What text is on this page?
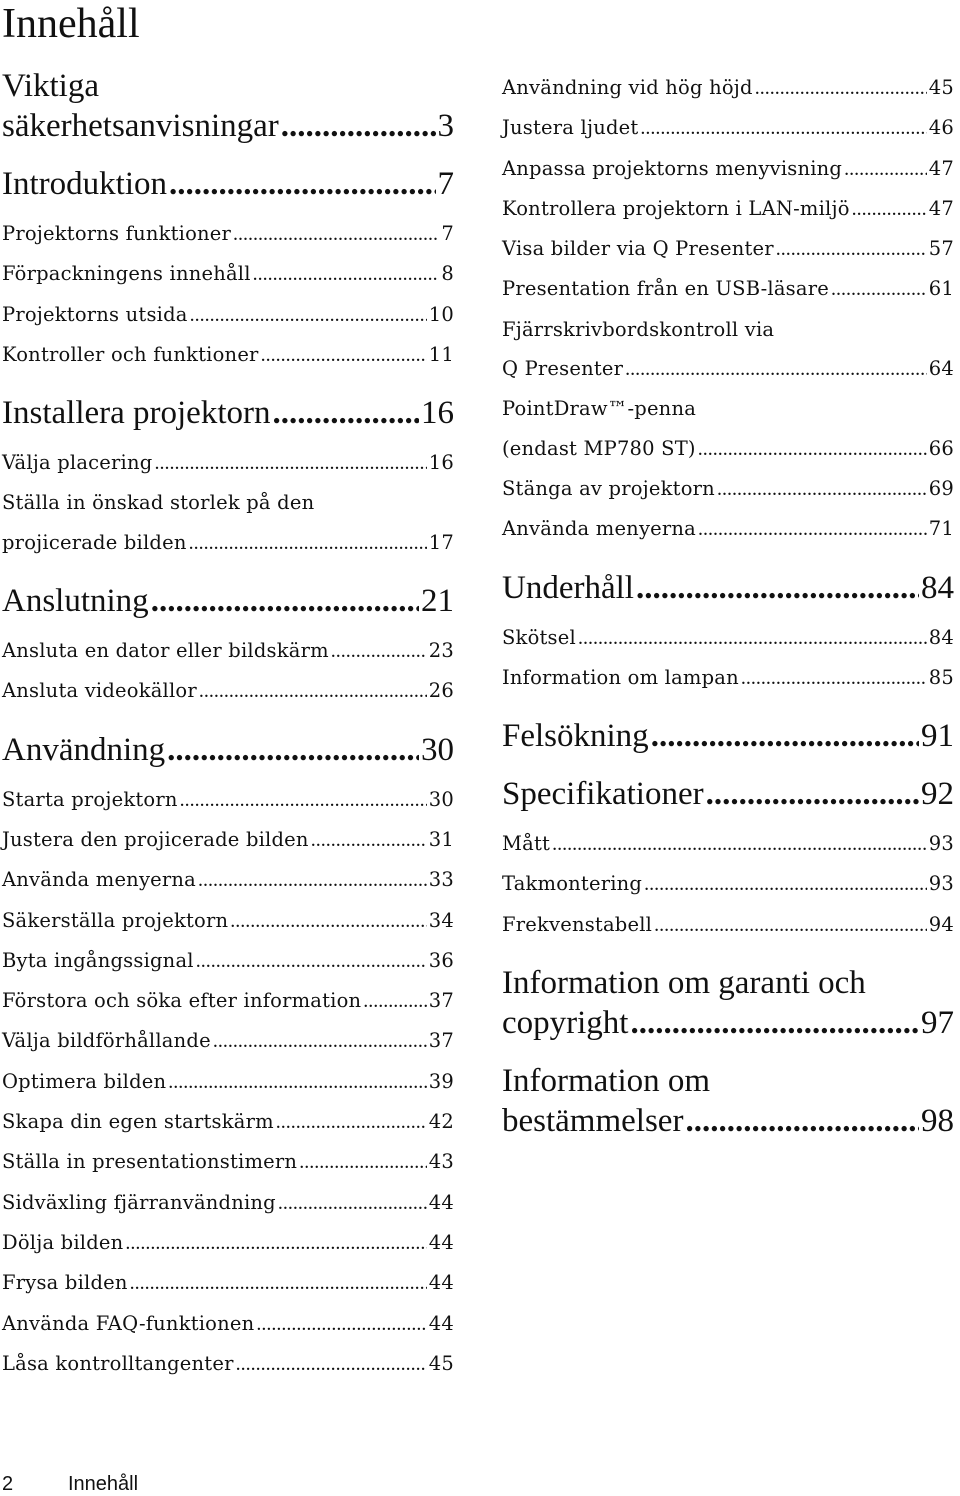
Innehåll
Viktiga
säkerhetsanvisningar .....	3
Introduktion .....	7
Projektorns funktioner .....	7
Förpackningens innehåll .....	8
Projektorns utsida .....	10
Kontroller och funktioner .....	11
Installera projektorn .....	16
Välja placering .....	16
Ställa in önskad storlek på den
projicerade bilden .....	17
Anslutning .....	21
Ansluta en dator eller bildskärm .....	23
Ansluta videokällor .....	26
Användning .....	30
Starta projektorn .....	30
Justera den projicerade bilden .....	31
Använda menyerna .....	33
Säkerställa projektorn .....	34
Byta ingångssignal .....	36
Förstora och söka efter information .....	37
Välja bildförhållande .....	37
Optimera bilden .....	39
Skapa din egen startskärm .....	42
Ställa in presentationstimern .....	43
Sidväxling fjärranvändning .....	44
Dölja bilden .....	44
Frysa bilden .....	44
Använda FAQ-funktionen .....	44
Låsa kontrolltangenter .....	45
Användning vid hög höjd .....	45
Justera ljudet .....	46
Anpassa projektorns menyvisning .....	47
Kontrollera projektorn i LAN-miljö .....	47
Visa bilder via Q Presenter .....	57
Presentation från en USB-läsare .....	61
Fjärrskrivbordskontroll via
Q Presenter .....	64
PointDraw™-penna
(endast MP780 ST) .....	66
Stänga av projektorn .....	69
Använda menyerna .....	71
Underhåll .....	84
Skötsel .....	84
Information om lampan .....	85
Felsökning .....	91
Specifikationer .....	92
Mått .....	93
Takmontering .....	93
Frekvenstabell .....	94
Information om garanti och
copyright .....	97
Information om
bestämmelser .....	98
2	Innehåll
